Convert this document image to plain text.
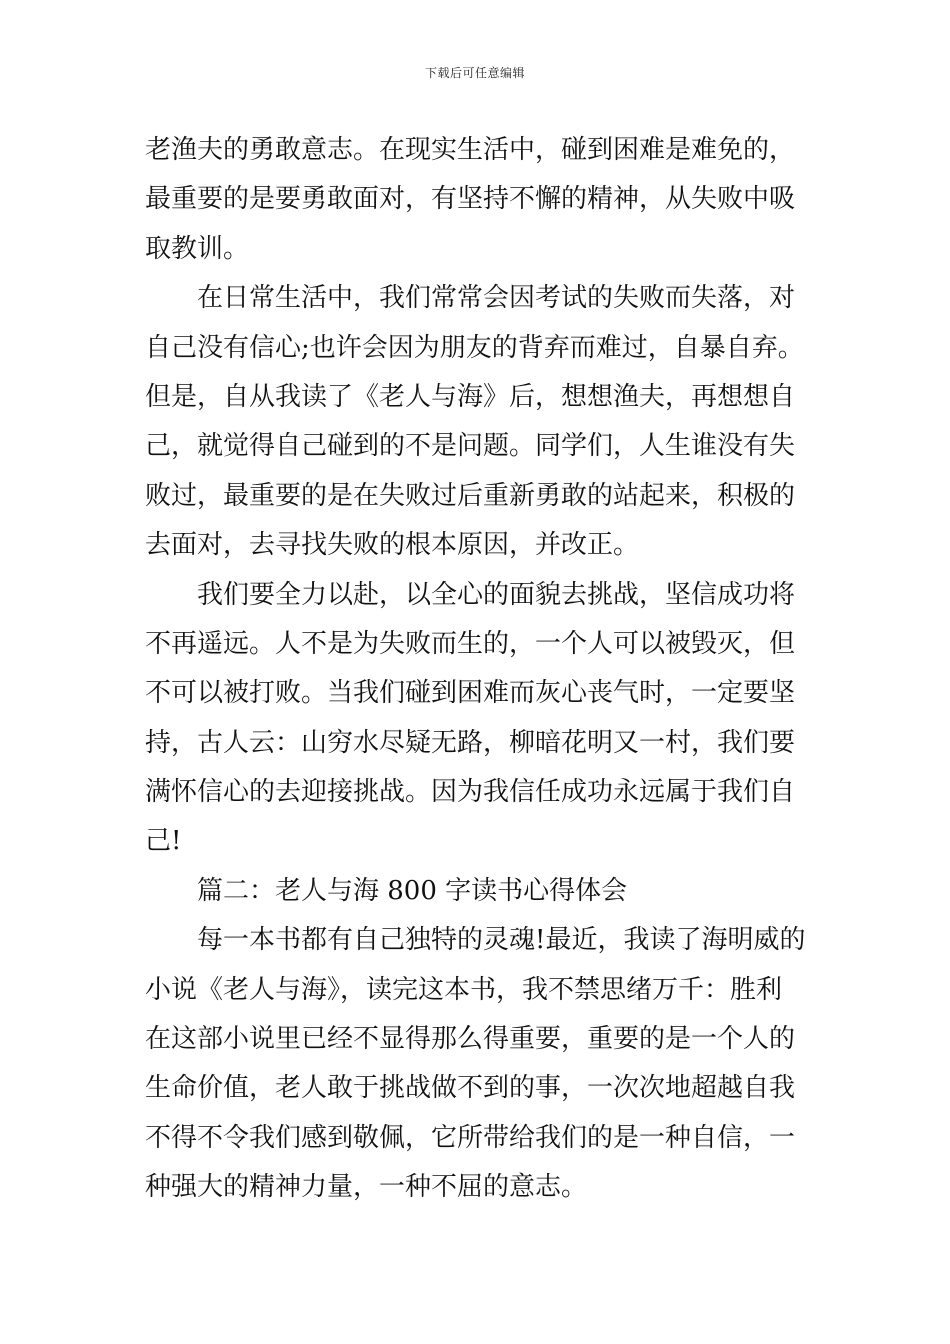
下载后可任意编辑
老渔夫的勇敢意志。在现实生活中，碰到困难是难免的，
最重要的是要勇敢面对，有坚持不懈的精神，从失败中吸
取教训。
在日常生活中，我们常常会因考试的失败而失落，对
自己没有信心;也许会因为朋友的背弃而难过，自暴自弃。
但是，自从我读了《老人与海》后，想想渔夫，再想想自
己，就觉得自己碰到的不是问题。同学们，人生谁没有失
败过，最重要的是在失败过后重新勇敢的站起来，积极的
去面对，去寻找失败的根本原因，并改正。
我们要全力以赴，以全心的面貌去挑战，坚信成功将
不再遥远。人不是为失败而生的，一个人可以被毁灭，但
不可以被打败。当我们碰到困难而灰心丧气时，一定要坚
持，古人云：山穷水尽疑无路，柳暗花明又一村，我们要
满怀信心的去迎接挑战。因为我信任成功永远属于我们自
己!
篇二：老人与海 800 字读书心得体会
每一本书都有自己独特的灵魂!最近，我读了海明威的
小说《老人与海》，读完这本书，我不禁思绪万千：胜利
在这部小说里已经不显得那么得重要，重要的是一个人的
生命价值，老人敢于挑战做不到的事，一次次地超越自我
不得不令我们感到敬佩，它所带给我们的是一种自信，一
种强大的精神力量，一种不屈的意志。
